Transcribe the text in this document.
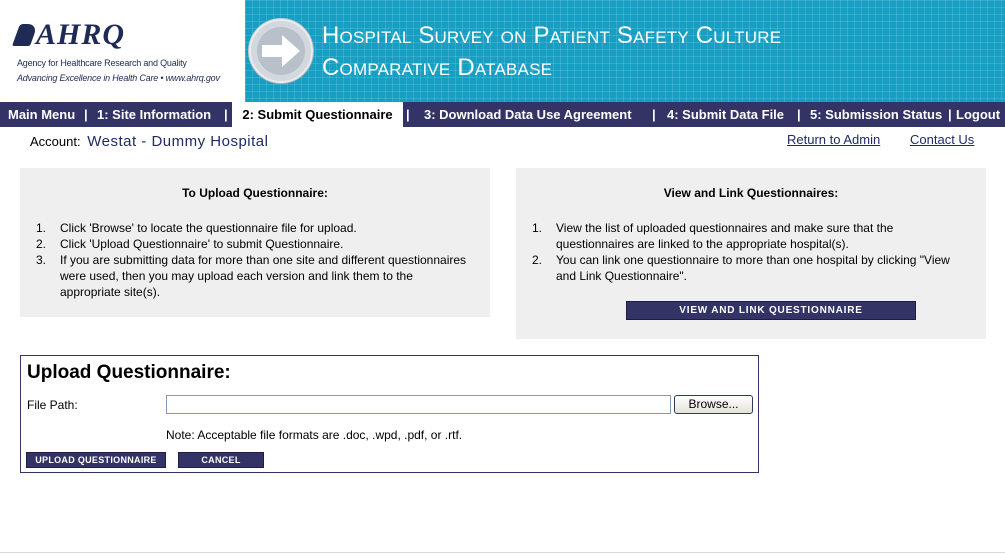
AHRQ
Agency for Healthcare Research and Quality
Advancing Excellence in Health Care • www.ahrq.gov
Hospital Survey on Patient Safety Culture
Comparative Database
Main Menu | 1: Site Information |	2: Submit Questionnaire	|	3: Download Data Use Agreement	| 4: Submit Data File | 5: Submission Status | Logout
Account: Westat - Dummy Hospital	Return to Admin Contact Us
To Upload Questionnaire:
1. Click 'Browse' to locate the questionnaire file for upload.
2. Click 'Upload Questionnaire' to submit Questionnaire.
3. If you are submitting data for more than one site and different questionnaires were used, then you may upload each version and link them to the appropriate site(s).
View and Link Questionnaires:
1. View the list of uploaded questionnaires and make sure that the questionnaires are linked to the appropriate hospital(s).
2. You can link one questionnaire to more than one hospital by clicking "View and Link Questionnaire".
VIEW AND LINK QUESTIONNAIRE
Upload Questionnaire:
File Path:	Browse...
Note: Acceptable file formats are .doc, .wpd, .pdf, or .rtf.
UPLOAD QUESTIONNAIRE	CANCEL
